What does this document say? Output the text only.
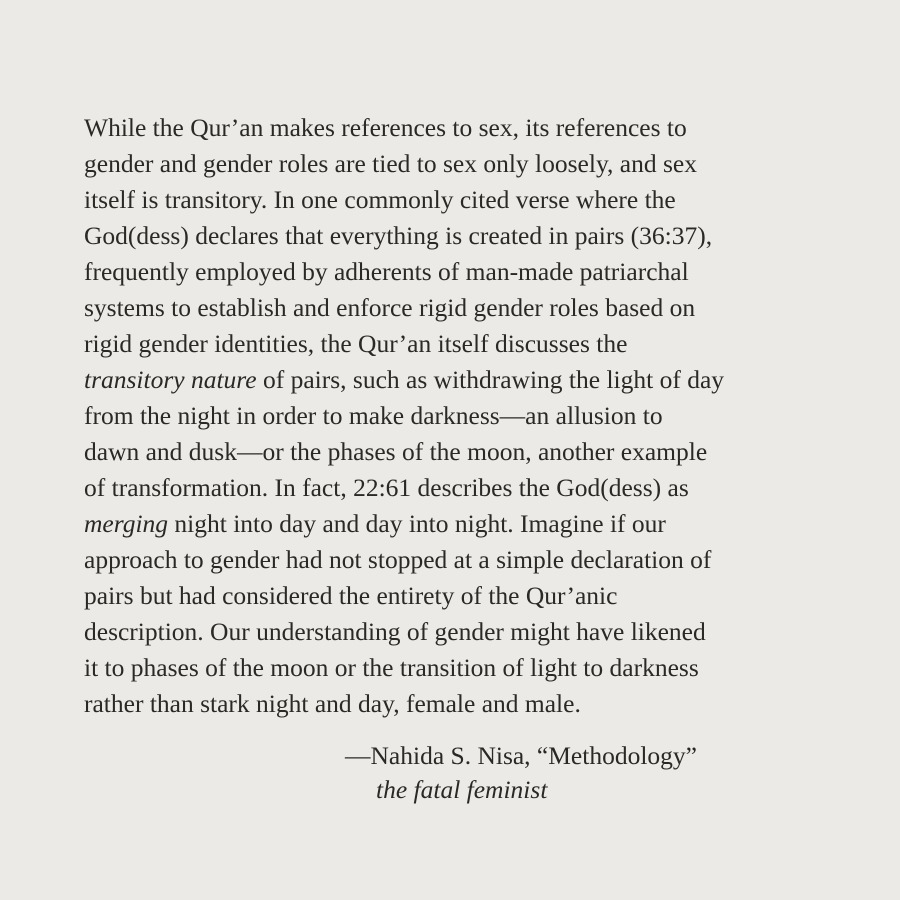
While the Qur’an makes references to sex, its references to
gender and gender roles are tied to sex only loosely, and sex
itself is transitory. In one commonly cited verse where the
God(dess) declares that everything is created in pairs (36:37),
frequently employed by adherents of man-made patriarchal
systems to establish and enforce rigid gender roles based on
rigid gender identities, the Qur’an itself discusses the
transitory nature of pairs, such as withdrawing the light of day
from the night in order to make darkness—an allusion to
dawn and dusk—or the phases of the moon, another example
of transformation. In fact, 22:61 describes the God(dess) as
merging night into day and day into night. Imagine if our
approach to gender had not stopped at a simple declaration of
pairs but had considered the entirety of the Qur’anic
description. Our understanding of gender might have likened
it to phases of the moon or the transition of light to darkness
rather than stark night and day, female and male.
—Nahida S. Nisa, “Methodology”
the fatal feminist
